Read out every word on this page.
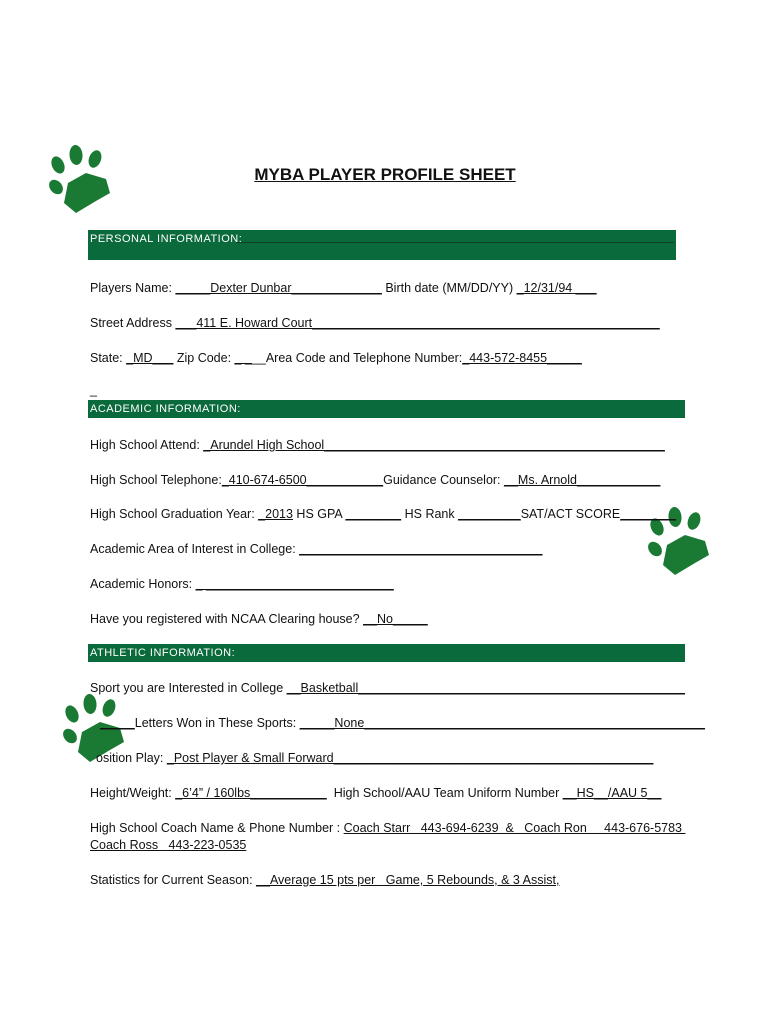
MYBA PLAYER PROFILE SHEET
PERSONAL INFORMATION:
Players Name: _____Dexter Dunbar_____________ Birth date (MM/DD/YY) _12/31/94 ___
Street Address ___411 E. Howard Court__________________________________________________
State: _MD___ Zip Code: _ ___Area Code and Telephone Number:_443-572-8455_____
_
ACADEMIC INFORMATION:
High School Attend: _Arundel High School_________________________________________________
High School Telephone:_410-674-6500___________Guidance Counselor: __Ms. Arnold____________
High School Graduation Year: _2013 HS GPA ________ HS Rank _________SAT/ACT SCORE________
Academic Area of Interest in College: ___________________________________
Academic Honors: _ ___________________________
Have you registered with NCAA Clearing house? __No_____
ATHLETIC INFORMATION:
Sport you are Interested in College __Basketball_______________________________________________
_____Letters Won in These Sports: _____None_________________________________________________
osition Play: _Post Player & Small Forward______________________________________________
Height/Weight: _6’4” / 160lbs___________  High School/AAU Team Uniform Number __HS__/AAU 5__
High School Coach Name & Phone Number : Coach Starr   443-694-6239  &   Coach Ron     443-676-5783
Coach Ross   443-223-0535
Statistics for Current Season: __Average 15 pts per   Game, 5 Rebounds, & 3 Assist,
